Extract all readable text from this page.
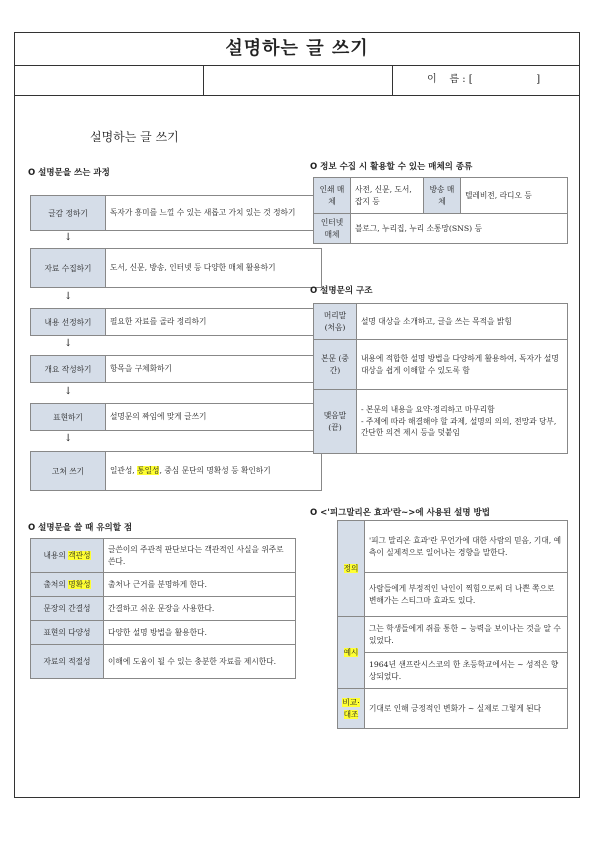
설명하는 글 쓰기
이    름 : [                    ]
설명하는 글 쓰기
O 설명문을 쓰는 과정
글감 정하기	독자가 흥미를 느낄 수 있는 새롭고 가치 있는 것 정하기
↓
자료 수집하기	도서, 신문, 방송, 인터넷 등 다양한 매체 활용하기
↓
내용 선정하기	필요한 자료를 골라 정리하기
↓
개요 작성하기	항목을 구체화하기
↓
표현하기	설명문의 짜임에 맞게 글쓰기
↓
고쳐 쓰기	일관성, 통일성, 중심 문단의 명확성 등 확인하기
O 설명문을 쓸 때 유의할 점
내용의 객관성	글쓴이의 주관적 판단보다는 객관적인 사실을 위주로 쓴다.
출처의 명확성	출처나 근거를 분명하게 한다.
문장의 간결성	간결하고 쉬운 문장을 사용한다.
표현의 다양성	다양한 설명 방법을 활용한다.
자료의 적절성	이해에 도움이 될 수 있는 충분한 자료를 제시한다.
O 정보 수집 시 활용할 수 있는 매체의 종류
인쇄 매체	사전, 신문, 도서, 잡지 등	방송 매체	텔레비전, 라디오 등
인터넷 매체	블로그, 누리집, 누리 소통망(SNS) 등		
O 설명문의 구조
머리말 (처음)	설명 대상을 소개하고, 글을 쓰는 목적을 밝힘
본문 (중간)	내용에 적합한 설명 방법을 다양하게 활용하여, 독자가 설명 대상을 쉽게 이해할 수 있도록 함
맺음말 (끝)	- 본문의 내용을 요약·정리하고 마무리함
- 주제에 따라 해결해야 할 과제, 설명의 의의, 전망과 당부, 간단한 의견 제시 등을 덧붙임
O <'피그말리온 효과'란~>에 사용된 설명 방법
정의	'피그 말리온 효과'란 무언가에 대한 사람의 믿음, 기대, 예측이 실제적으로 일어나는 경향을 말한다.
	사람들에게 부정적인 낙인이 찍힘으로써 더 나쁜 쪽으로 변해가는 스티그마 효과도 있다.
예시	그는 학생들에게 쥐를 통한 ~ 능력을 보이나는 것을 알 수 있었다.
	1964년 샌프란시스코의 한 초등학교에서는 ~ 성적은 향상되었다.
비교· 대조	기대로 인해 긍정적인 변화가 ~ 실제로 그렇게 된다
